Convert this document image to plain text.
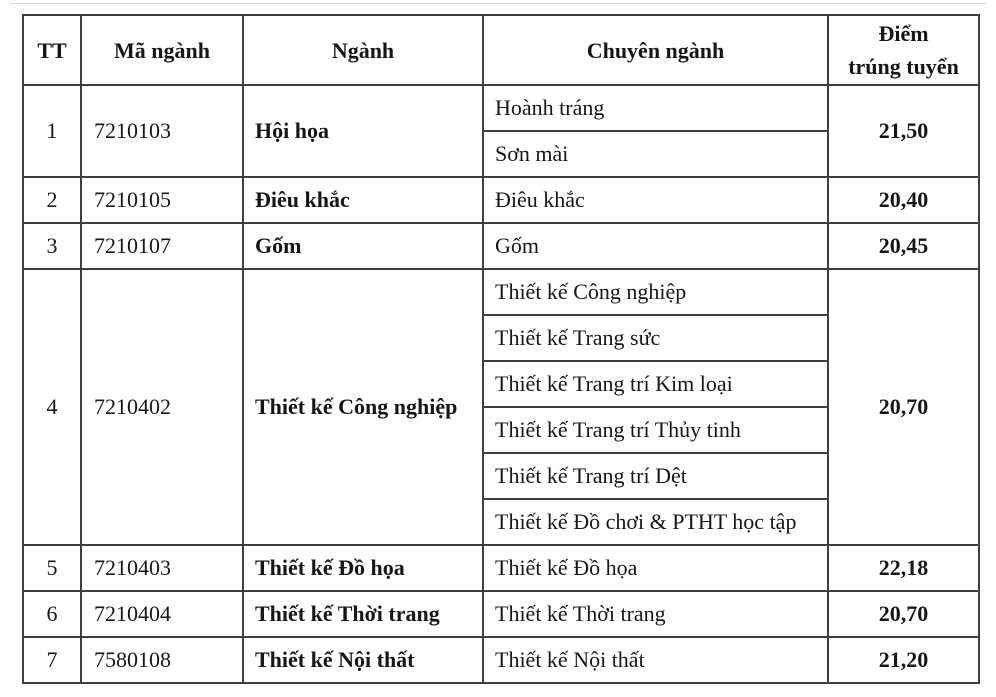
TT	Mã ngành	Ngành	Chuyên ngành	Điểm
trúng tuyển
1	7210103	Hội họa	Hoành tráng	21,50
			Sơn mài	
2	7210105	Điêu khắc	Điêu khắc	20,40
3	7210107	Gốm	Gốm	20,45
4	7210402	Thiết kế Công nghiệp	Thiết kế Công nghiệp	20,70
			Thiết kế Trang sức	
			Thiết kế Trang trí Kim loại	
			Thiết kế Trang trí Thủy tinh	
			Thiết kế Trang trí Dệt	
			Thiết kế Đồ chơi & PTHT học tập	
5	7210403	Thiết kế Đồ họa	Thiết kế Đồ họa	22,18
6	7210404	Thiết kế Thời trang	Thiết kế Thời trang	20,70
7	7580108	Thiết kế Nội thất	Thiết kế Nội thất	21,20
